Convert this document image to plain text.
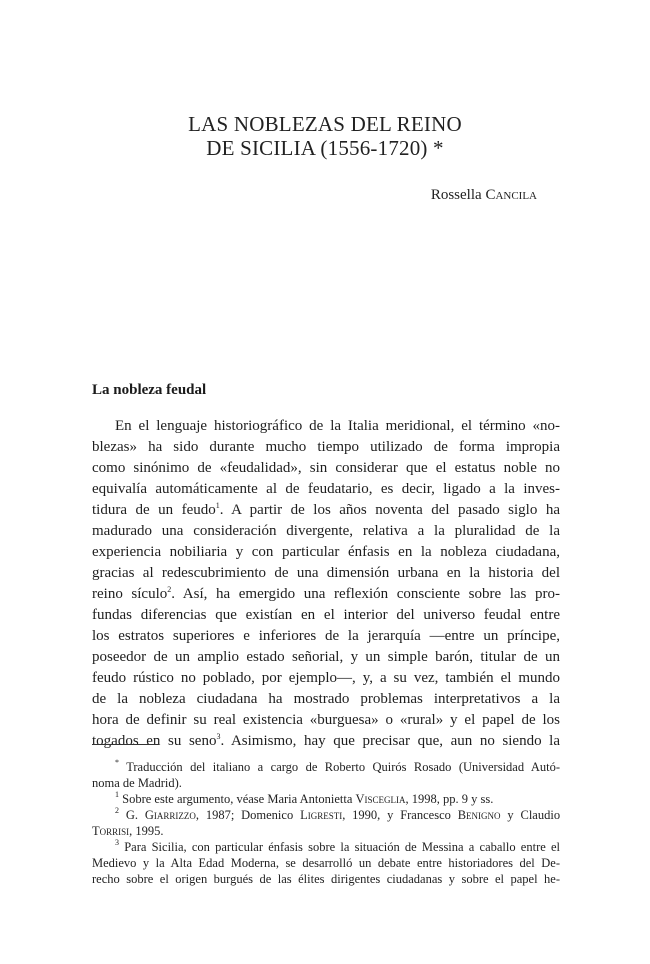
LAS NOBLEZAS DEL REINO
DE SICILIA (1556-1720) *
Rossella Cancila
La nobleza feudal
En el lenguaje historiográfico de la Italia meridional, el término «no-
blezas» ha sido durante mucho tiempo utilizado de forma impropia
como sinónimo de «feudalidad», sin considerar que el estatus noble no
equivalía automáticamente al de feudatario, es decir, ligado a la inves-
tidura de un feudo$^1$. A partir de los años noventa del pasado siglo ha
madurado una consideración divergente, relativa a la pluralidad de la
experiencia nobiliaria y con particular énfasis en la nobleza ciudadana,
gracias al redescubrimiento de una dimensión urbana en la historia del
reino sículo$^2$. Así, ha emergido una reflexión consciente sobre las pro-
fundas diferencias que existían en el interior del universo feudal entre
los estratos superiores e inferiores de la jerarquía —entre un príncipe,
poseedor de un amplio estado señorial, y un simple barón, titular de un
feudo rústico no poblado, por ejemplo—, y, a su vez, también el mundo
de la nobleza ciudadana ha mostrado problemas interpretativos a la
hora de definir su real existencia «burguesa» o «rural» y el papel de los
togados en su seno$^3$. Asimismo, hay que precisar que, aun no siendo la
* Traducción del italiano a cargo de Roberto Quirós Rosado (Universidad Autó-
noma de Madrid).
$^1$ Sobre este argumento, véase Maria Antonietta Visceglia, 1998, pp. 9 y ss.
$^2$ G. Giarrizzo, 1987; Domenico Ligresti, 1990, y Francesco Benigno y Claudio
Torrisi, 1995.
$^3$ Para Sicilia, con particular énfasis sobre la situación de Messina a caballo entre el
Medievo y la Alta Edad Moderna, se desarrolló un debate entre historiadores del De-
recho sobre el origen burgués de las élites dirigentes ciudadanas y sobre el papel he-
